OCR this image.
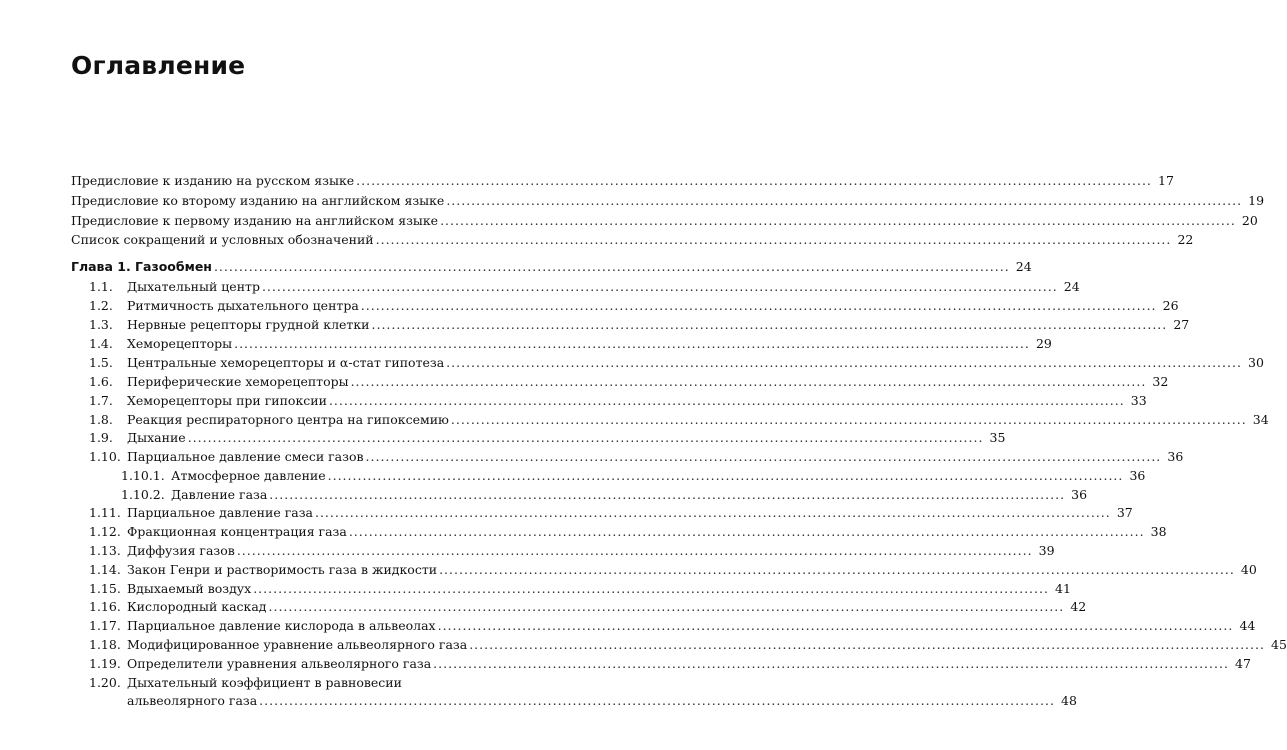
Оглавление
Предисловие к изданию на русском языке .....	17
Предисловие ко второму изданию на английском языке .....	19
Предисловие к первому изданию на английском языке .....	20
Список сокращений и условных обозначений .....	22
Глава 1. Газообмен .....	24
1.1.	Дыхательный центр .....	24
1.2.	Ритмичность дыхательного центра .....	26
1.3.	Нервные рецепторы грудной клетки .....	27
1.4.	Хеморецепторы .....	29
1.5.	Центральные хеморецепторы и α-стат гипотеза .....	30
1.6.	Периферические хеморецепторы .....	32
1.7.	Хеморецепторы при гипоксии .....	33
1.8.	Реакция респираторного центра на гипоксемию .....	34
1.9.	Дыхание .....	35
1.10. Парциальное давление смеси газов .....	36
1.10.1. Атмосферное давление .....	36
1.10.2. Давление газа .....	36
1.11. Парциальное давление газа .....	37
1.12. Фракционная концентрация газа .....	38
1.13. Диффузия газов .....	39
1.14. Закон Генри и растворимость газа в жидкости .....	40
1.15. Вдыхаемый воздух .....	41
1.16. Кислородный каскад .....	42
1.17. Парциальное давление кислорода в альвеолах .....	44
1.18. Модифицированное уравнение альвеолярного газа .....	45
1.19. Определители уравнения альвеолярного газа .....	47
1.20. Дыхательный коэффициент в равновесии
альвеолярного газа .....	48
